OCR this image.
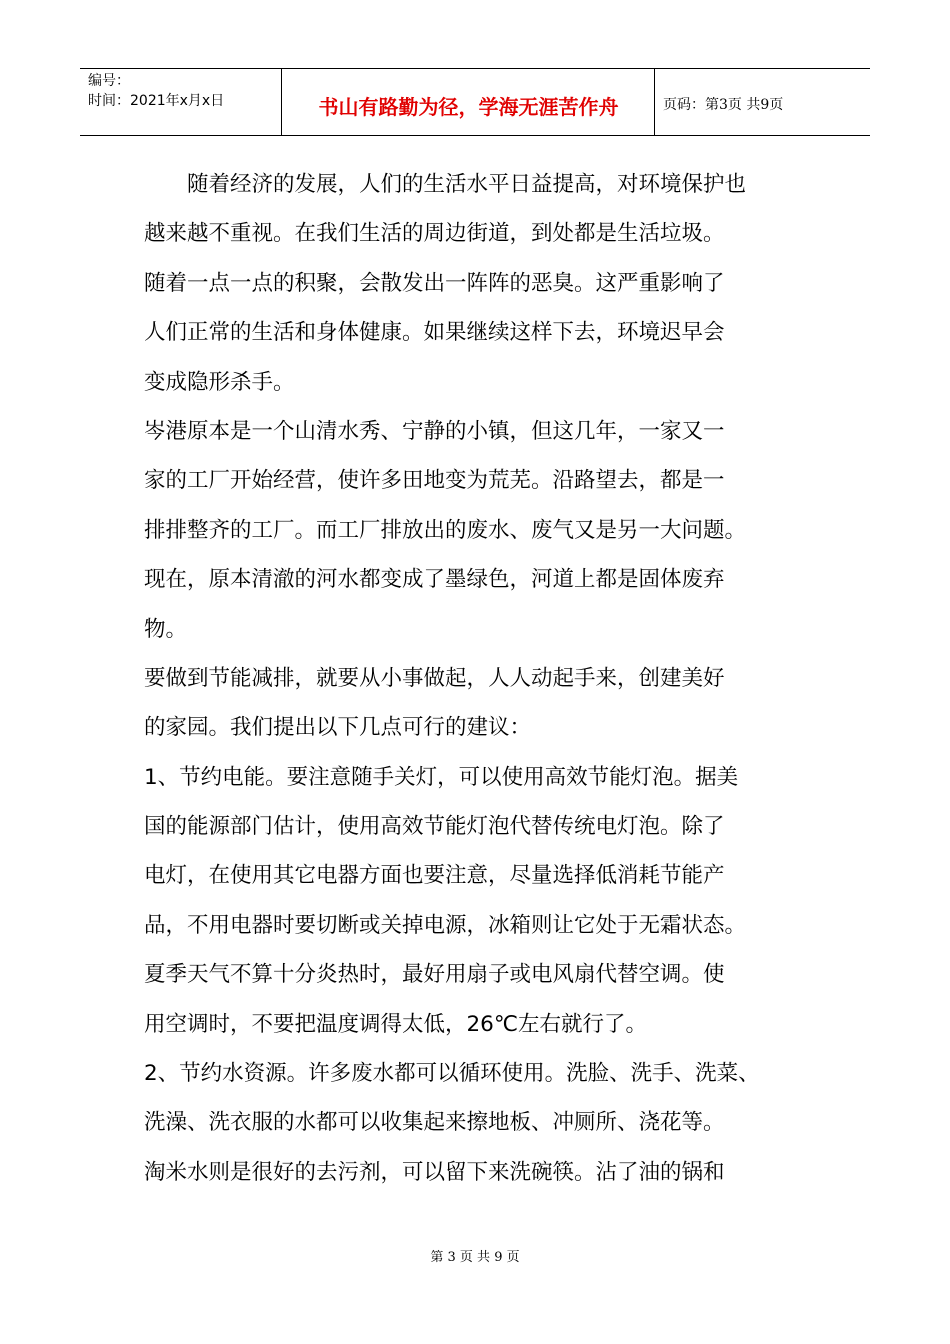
编号：
时间：2021年x月x日	书山有路勤为径，学海无涯苦作舟	页码：第3页 共9页
　　随着经济的发展，人们的生活水平日益提高，对环境保护也
越来越不重视。在我们生活的周边街道，到处都是生活垃圾。
随着一点一点的积聚，会散发出一阵阵的恶臭。这严重影响了
人们正常的生活和身体健康。如果继续这样下去，环境迟早会
变成隐形杀手。
岑港原本是一个山清水秀、宁静的小镇，但这几年，一家又一
家的工厂开始经营，使许多田地变为荒芜。沿路望去，都是一
排排整齐的工厂。而工厂排放出的废水、废气又是另一大问题。
现在，原本清澈的河水都变成了墨绿色，河道上都是固体废弃
物。
要做到节能减排，就要从小事做起，人人动起手来，创建美好
的家园。我们提出以下几点可行的建议：
1、节约电能。要注意随手关灯，可以使用高效节能灯泡。据美
国的能源部门估计，使用高效节能灯泡代替传统电灯泡。除了
电灯，在使用其它电器方面也要注意，尽量选择低消耗节能产
品，不用电器时要切断或关掉电源，冰箱则让它处于无霜状态。
夏季天气不算十分炎热时，最好用扇子或电风扇代替空调。使
用空调时，不要把温度调得太低，26℃左右就行了。
2、节约水资源。许多废水都可以循环使用。洗脸、洗手、洗菜、
洗澡、洗衣服的水都可以收集起来擦地板、冲厕所、浇花等。
淘米水则是很好的去污剂，可以留下来洗碗筷。沾了油的锅和
第 3 页 共 9 页
